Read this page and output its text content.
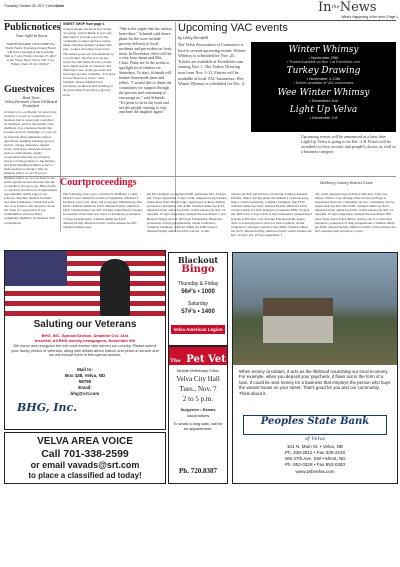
Thursday, October 26, 2017 | VelvaVoice	$In^{the}News$
What's Happening in the Area | Page 1
Publicnotices
Your right to know
NORTH PRAIRIE TOWNSHIP The North Prairie Township Zoning Board will hold a hearing at the Township Hall at 7 p.m. Friday, October 27, 2017 at the Sweet Shop. Velva, ND. Cory Fisher, Clerk 10/19, 10/26/17
Guestvoices
Beat Tiem
Velva Farmers Union Oil Board President
October is Co-op Month. So what is the world is a co-op? A cooperative is a business that is owned and controlled by members, and for the benefit of its members. It is a business model that focuses on local ownership. Co-ops can be found in many industries such as agriculture, banking, housing, grocery, electric, energy, insurance, natural foods, rural areas, financial services such as credit unions, supply cooperatives that help pool buying power to bring products to the farmers, and grain handling facilities to move farm products to market. Why do business with a co-op? If you do business with a co-op, you have a vote in the operations and direction that the cooperative chooses to go. Historically, co-ops have provided local employment opportunities, which support our schools, churches, medical facilities and other businesses. I think that each one of us needs to ask ourselves about the value of cooperatives in our communities, and how many community members do business with cooperatives.
SWEET SHOP from page 1
or three people ask about how things are going," said Schmidt. It was very important to provide a spot for the community to meet and have coffee. Other offerings include caramel rolls, pies, cookies and other sweet treats. The baked goods are all homemade by a local baker. The Pie-O-Cone also serves hot deli items, hard ice cream, and a lunch special on Tuesdays and Thursdays. Gas, staple groceries and beverages are also available. "It is great to have Sharon on board," said Schmidt. Sharon Melland had previously worked in that building for 30 years when it served as a grocery store.
"She is the staple that has always been there." Schmidt said future plans for the store include grocery delivery to local residents and pre-orders on fresh meat. In December, there will be a visit from Santa and Mrs. Claus. Plans are in the works to spotlight local vendors on Saturdays. To start, Schmidt will feature homemade jams and jellies. "I would like to thank the community for support through the process and continuing to encourage us," said Schmidt. "It's great to sit in the front and see the people coming to visit and hear the laughter again."
Upcoming VAC events
by Libby Dornfeld
The Velva Association of Commerce is host to several upcoming events. Winter Whimsy is scheduled for Nov. 25. Tickets are available at Eventbrite.com starting Nov. 1. The Turkey Drawing runs from Nov. 1-13. Entries will be available at local VAC businesses. Wee Winter Whimsy is scheduled for Dec. 2.
Winter Whimsy
• November 25th
• Tickets Available on Nov 1 at Eventbrite.com
Turkey Drawing
• November 1-13th
• Entries available at VAC businesses
Wee Winter Whimsy
• December 2nd
Light Up Velva
• December 2-8
Upcoming events will be announced at a later date. Light Up Velva is going to be Dec. 2-8. Prizes will be awarded for first, second, and people's choice, as well as a business category.
Courtproceedings	McHenry County District Court
The following cases were convicted in McHenry County District Court during the month of September. Michael J. Kelbrick, Jerry City, Ohio, fail to tag deer immediately, fine $100, criminal admin fee $125, defense/facility admin fee $100, victim-witness fee $25. Zachary Allen Bread, Towner, possession of less than one ounce or marijuana, possession of drug paraphernalia, criminal admin fee $125, defense/facility admin fee $100, victim-witness fee $25, indigent defense appl
fee $25, indigent recoupment $300, restitution $35, 10 days jail, 8 days suspended, 2 days credit, unsupervised probation. Jabez Alice Weir, Devils Lake, aggravated reckless driving, possession, marijuana, fine $300, criminal admin fee $125, defense/facility admin fee $100, victim-witness fee $25, 10 days jail, 10 days suspended, unsupervised probation 1 year. Richard Wayne Arnold, ND State Penitentiary, Bismarck, possession of drug paraphernalia, obtain evaluation, complete treatment, criminal admin fee $100 waived, defense/facility admin fee $100 waived, victim-
witness fee $25, jail 90 days concurrent. Lindsey Amanda Fernald, Minot, driving under the influence of intoxicating liquor, obtain evaluation, complete treatment, fine $750, criminal admin fee $125, defense/facility admin fee $100, victim-witness fee $25, indigent recoupment $300, 10 days jail, $50 bond, 2 days credit, 8 days suspended, unsupervised probation 360 days. Jose Antonio Eibaquesandia, Aneta, drive w actual physical control of motor vehicle, obtain evaluation, complete treatment, fine $500, criminal admin fee $125, defense/facility admin fee $100, victim-witness fee $25, 10 days jail, 10 days suspended, 1
day credit, unsupervised probation 360 days. Tyler Lee Meyer, Willow City, driving while license privilege is suspended, 60 hours community service, community service supervision fee $25, fine $200, criminal admin fee $125, defense/facility admin fee $100, victim-witness fee $25, 10 days jail, 10 days suspended, unsupervised probation 360 days. Tyler Allen Schei, Minot, driving out of a controlled substance, possession of drug paraphernalia, criminal admin fee $100, defense/facility admin fee $100, victim-witness fee $25, unsupervised probation 2 years.
Saluting our Veterans
BHG, INC. Special Section, Deadline Oct. 31st
Inserted: All BHG weekly newspapers, November 9th
We honor and recognize the men and women who served our country. Please submit your family photos of veterans, along with details about branch and years of service and we will include them in this special section.
Mail to:
Box 438, Velva, ND
58790
Email:
bhg@srt.com
BHG, Inc.
VELVA AREA VOICE
Call 701-338-2599
or email vavads@srt.com
to place a classified ad today!
Blackout
Bingo
Thursday & Friday
56#'s • 1000
Saturday
57#'s • 1400
Velva American Legion
The Pet Vet
Mobile Veterinary Clinic
Velva City Hall
Tues., Nov. 7
2 to 5 p.m.
Surgeries • Exams
Vaccinations
To avoid a long wait, call for an appointment.
Ph. 720.8387
When money circulates, it acts as the lifeblood nourishing our local economy. For example, when you deposit your paycheck, it flows out in the form of a loan. It could be sent money for a business that employs the person who buys the vacant house on your street. That's good for you and our community. Think about it.
Peoples State Bank
of Velva
101 N. Main St. • Velva, ND
Ph. 338-2812 • Fax 338-2248
405 37th Ave. SW • Minot, ND
Ph. 852-0328 • Fax 852-0283
www.psbvelva.com
